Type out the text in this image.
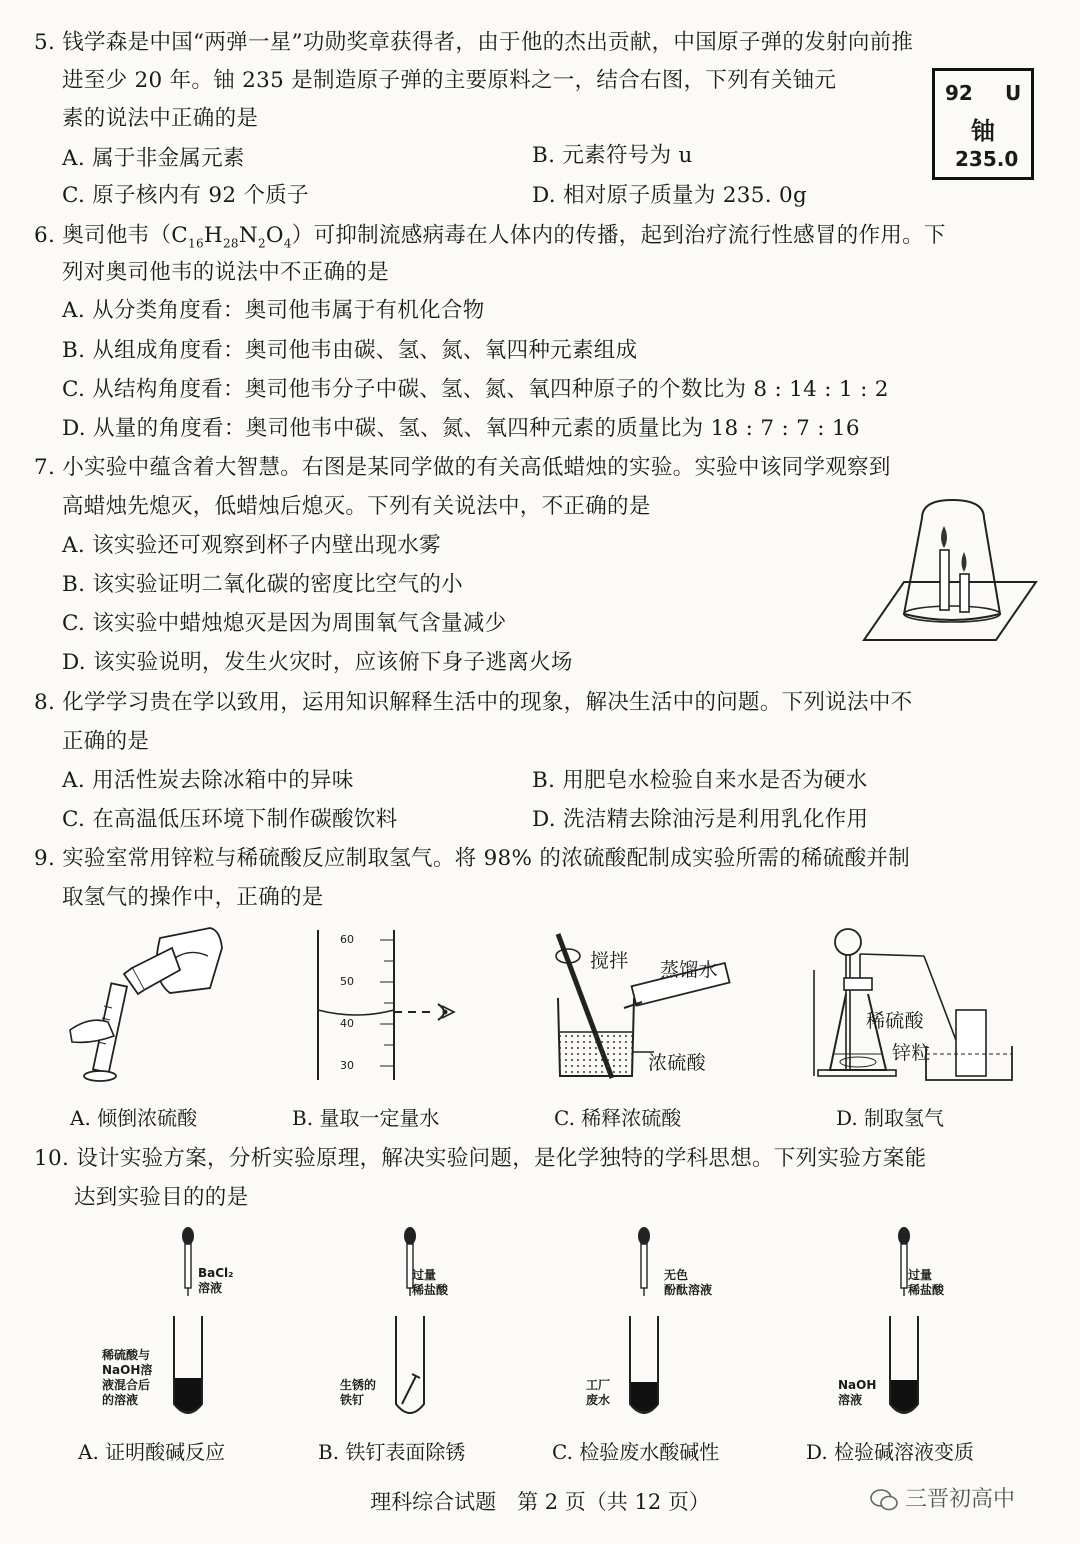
5. 钱学森是中国“两弹一星”功勋奖章获得者，由于他的杰出贡献，中国原子弹的发射向前推
进至少 20 年。铀 235 是制造原子弹的主要原料之一，结合右图，下列有关铀元
素的说法中正确的是
A. 属于非金属元素	B. 元素符号为 u
C. 原子核内有 92 个质子	D. 相对原子质量为 235. 0g
92 U
铀
235.0
6. 奥司他韦$(C_{16}H_{28}N_2O_4)$可抑制流感病毒在人体内的传播，起到治疗流行性感冒的作用。下
列对奥司他韦的说法中不正确的是
A. 从分类角度看：奥司他韦属于有机化合物
B. 从组成角度看：奥司他韦由碳、氢、氮、氧四种元素组成
C. 从结构角度看：奥司他韦分子中碳、氢、氮、氧四种原子的个数比为 8 : 14 : 1 : 2
D. 从量的角度看：奥司他韦中碳、氢、氮、氧四种元素的质量比为 18 : 7 : 7 : 16
7. 小实验中蕴含着大智慧。右图是某同学做的有关高低蜡烛的实验。实验中该同学观察到
高蜡烛先熄灭，低蜡烛后熄灭。下列有关说法中，不正确的是
A. 该实验还可观察到杯子内壁出现水雾
B. 该实验证明二氧化碳的密度比空气的小
C. 该实验中蜡烛熄灭是因为周围氧气含量减少
D. 该实验说明，发生火灾时，应该俯下身子逃离火场
8. 化学学习贵在学以致用，运用知识解释生活中的现象，解决生活中的问题。下列说法中不
正确的是
A. 用活性炭去除冰箱中的异味	B. 用肥皂水检验自来水是否为硬水
C. 在高温低压环境下制作碳酸饮料	D. 洗洁精去除油污是利用乳化作用
9. 实验室常用锌粒与稀硫酸反应制取氢气。将 98% 的浓硫酸配制成实验所需的稀硫酸并制
取氢气的操作中，正确的是
A. 倾倒浓硫酸
60
50
40
30
B. 量取一定量水
搅拌 蒸馏水
浓硫酸
C. 稀释浓硫酸
稀硫酸
锌粒
D. 制取氢气
10. 设计实验方案，分析实验原理，解决实验问题，是化学独特的学科思想。下列实验方案能
达到实验目的的是
BaCl₂
溶液
稀硫酸与
NaOH溶
液混合后
的溶液
A. 证明酸碱反应
过量
稀盐酸
生锈的
铁钉
B. 铁钉表面除锈
无色
酚酞溶液
工厂
废水
C. 检验废水酸碱性
过量
稀盐酸
NaOH
溶液
D. 检验碱溶液变质
理科综合试题　第 2 页（共 12 页）	三晋初高中
